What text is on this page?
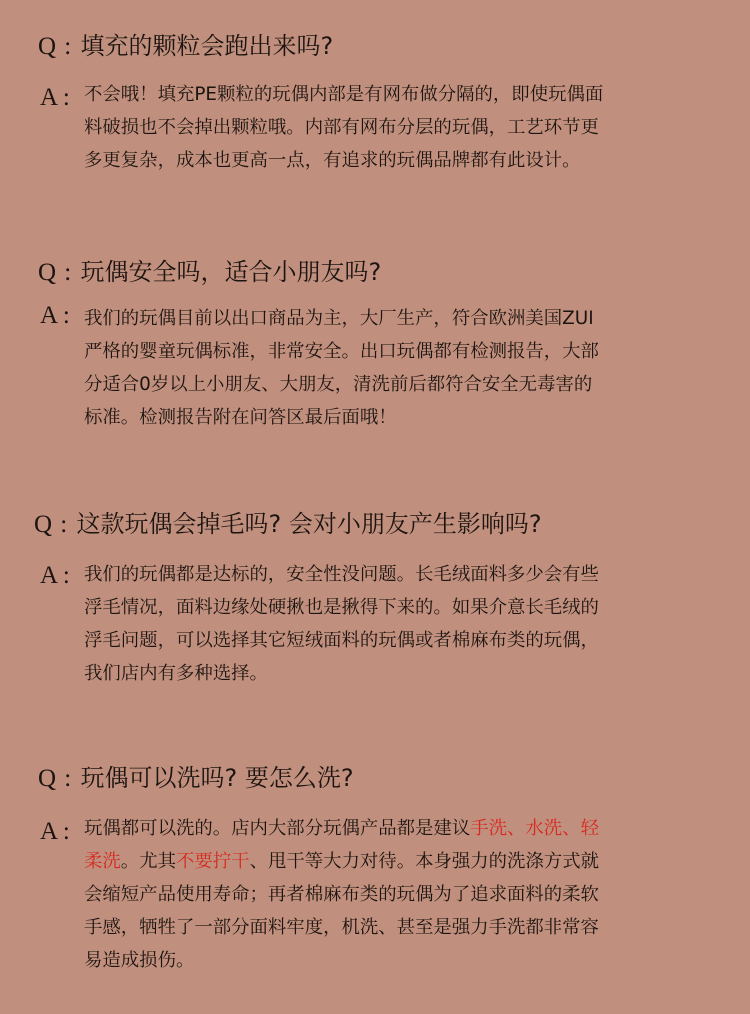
Q : 填充的颗粒会跑出来吗?
A : 不会哦！填充PE颗粒的玩偶内部是有网布做分隔的，即使玩偶面
料破损也不会掉出颗粒哦。内部有网布分层的玩偶，工艺环节更
多更复杂，成本也更高一点，有追求的玩偶品牌都有此设计。
Q : 玩偶安全吗，适合小朋友吗?
A : 我们的玩偶目前以出口商品为主，大厂生产，符合欧洲美国ZUI
严格的婴童玩偶标准，非常安全。出口玩偶都有检测报告，大部
分适合0岁以上小朋友、大朋友，清洗前后都符合安全无毒害的
标准。检测报告附在问答区最后面哦！
Q : 这款玩偶会掉毛吗? 会对小朋友产生影响吗?
A : 我们的玩偶都是达标的，安全性没问题。长毛绒面料多少会有些
浮毛情况，面料边缘处硬揪也是揪得下来的。如果介意长毛绒的
浮毛问题，可以选择其它短绒面料的玩偶或者棉麻布类的玩偶，
我们店内有多种选择。
Q : 玩偶可以洗吗? 要怎么洗?
A : 玩偶都可以洗的。店内大部分玩偶产品都是建议手洗、水洗、轻
柔洗。尤其不要拧干、甩干等大力对待。本身强力的洗涤方式就
会缩短产品使用寿命；再者棉麻布类的玩偶为了追求面料的柔软
手感，牺牲了一部分面料牢度，机洗、甚至是强力手洗都非常容
易造成损伤。
